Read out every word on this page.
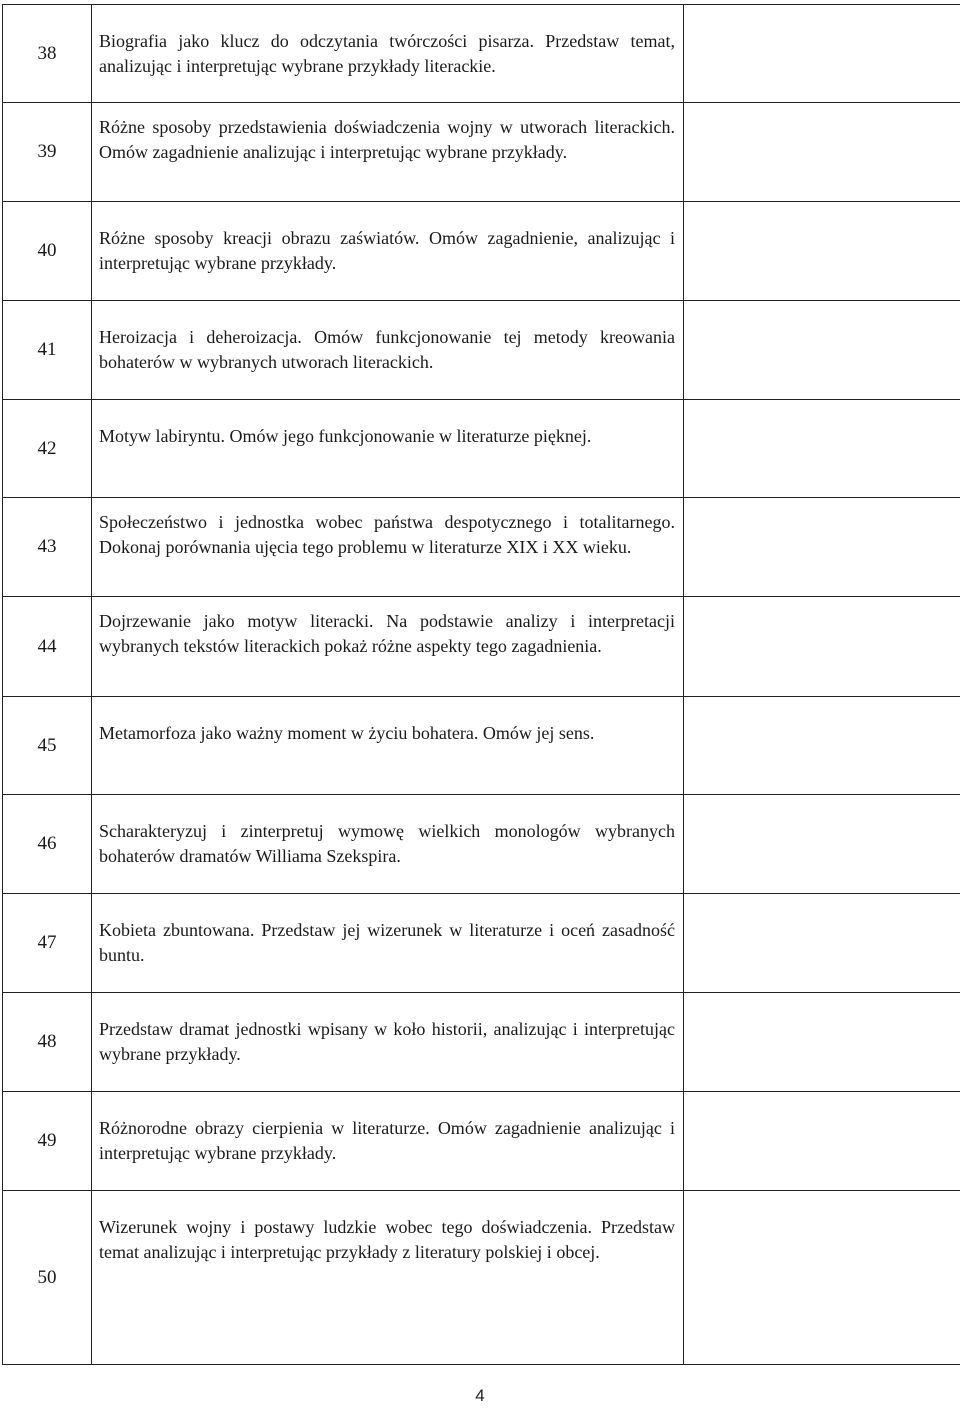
38	Biografia jako klucz do odczytania twórczości pisarza. Przedstaw temat, analizując i interpretując wybrane przykłady literackie.	

39	Różne sposoby przedstawienia doświadczenia wojny w utworach literackich. Omów zagadnienie analizując i interpretując wybrane przykłady.	

40	Różne sposoby kreacji obrazu zaświatów. Omów zagadnienie, analizując i interpretując wybrane przykłady.	

41	Heroizacja i deheroizacja. Omów funkcjonowanie tej metody kreowania bohaterów w wybranych utworach literackich.	

42	Motyw labiryntu. Omów jego funkcjonowanie w literaturze pięknej.	

43	Społeczeństwo i jednostka wobec państwa despotycznego i totalitarnego. Dokonaj porównania ujęcia tego problemu w literaturze XIX i XX wieku.	

44	Dojrzewanie jako motyw literacki. Na podstawie analizy i interpretacji wybranych tekstów literackich pokaż różne aspekty tego zagadnienia.	

45	Metamorfoza jako ważny moment w życiu bohatera. Omów jej sens.	

46	Scharakteryzuj i zinterpretuj wymowę wielkich monologów wybranych bohaterów dramatów Williama Szekspira.	

47	Kobieta zbuntowana. Przedstaw jej wizerunek w literaturze i oceń zasadność buntu.	

48	Przedstaw dramat jednostki wpisany w koło historii, analizując i interpretując wybrane przykłady.	

49	Różnorodne obrazy cierpienia w literaturze. Omów zagadnienie analizując i interpretując wybrane przykłady.	

50	Wizerunek wojny i postawy ludzkie wobec tego doświadczenia. Przedstaw temat analizując i interpretując przykłady z literatury polskiej i obcej.	

4
